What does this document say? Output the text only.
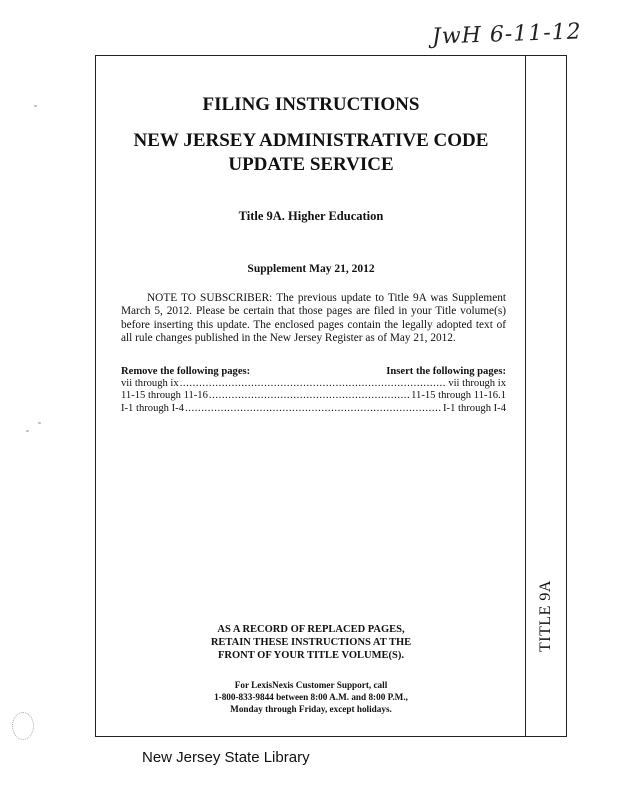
JwH 6-11-12
FILING INSTRUCTIONS
NEW JERSEY ADMINISTRATIVE CODE
UPDATE SERVICE
Title 9A. Higher Education
Supplement May 21, 2012
NOTE TO SUBSCRIBER: The previous update to Title 9A was Supplement March 5, 2012. Please be certain that those pages are filed in your Title volume(s) before inserting this update. The enclosed pages contain the legally adopted text of all rule changes published in the New Jersey Register as of May 21, 2012.
Remove the following pages:	Insert the following pages:
vii through ix .....	vii through ix
11-15 through 11-16 .....	11-15 through 11-16.1
I-1 through I-4 .....	I-1 through I-4
AS A RECORD OF REPLACED PAGES,
RETAIN THESE INSTRUCTIONS AT THE
FRONT OF YOUR TITLE VOLUME(S).
For LexisNexis Customer Support, call
1-800-833-9844 between 8:00 A.M. and 8:00 P.M.,
Monday through Friday, except holidays.
TITLE 9A
New Jersey State Library
